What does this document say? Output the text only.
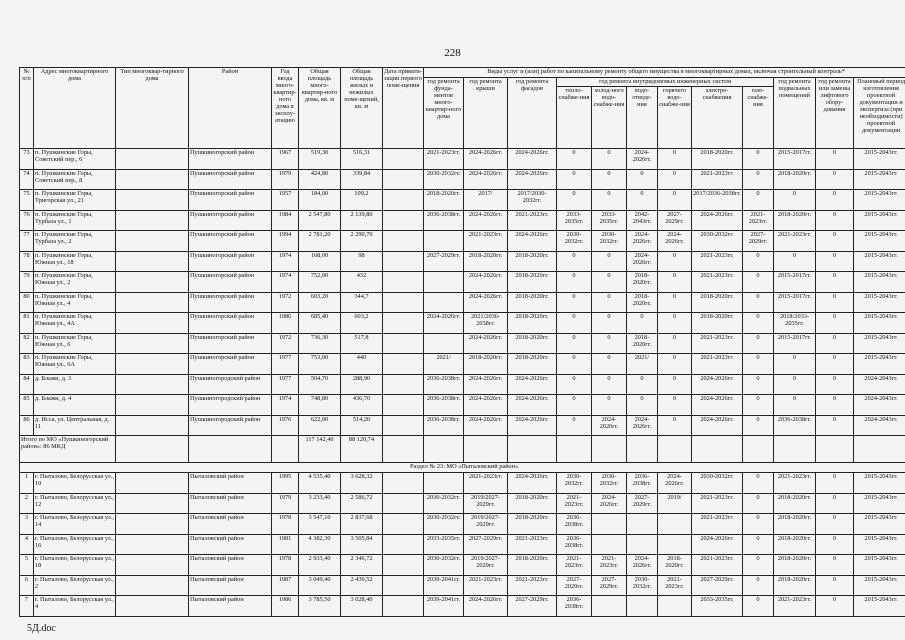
228
№ п/п	Адрес многоквартирного дома	Тип многоквар-тирного дома	Район	Год ввода много-квартир-ного дома в эксплу-атацию	Общая площадь много-квартир-ного дома, кв. м	Общая площадь жилых и нежилых поме-щений, кв. м	Дата привати-зации первого поме-щения	Виды услуг и (или) работ по капитальному ремонту общего имущества в многоквартирных домах, включая строительный контроль*											
								год ремонта фунда-ментов много-квартир-ного дома	год ремонта крыши	год ремонта фасадов	год ремонта внутридомовых инженерных систем						год ремонта подвальных помещений	год ремонта или замены лифтового обору-дования	Плановый период изготовления проектной документации и экспертиза (при необходимости) проектной документации
											тепло-снабже-ния	холод-ного водо-снабже-ния	водо-отведе-ния	горячего водо-снабже-ния	электро-снабжения	газо-снабже-ния			
73	п. Пушкинские Горы, Советский пер., 6		Пушкиногорский район	1967	519,30	516,31		2021-2023гг.	2024-2026гг.	2024-2026гг.	0	0	2024-2026гг.	0	2018-2020гг.	0	2015-2017гг.	0	2015-2043гг.
74	п. Пушкинские Горы, Советский пер., 8		Пушкиногорский район	1979	424,80	339,84		2030-2032гг.	2024-2026гг.	2024-2026гг.	0	0	0	0	2021-2023гг.	0	2018-2020гг.	0	2015-2043гг.
75	п. Пушкинские Горы, Тригорская ул., 21		Пушкиногорский район	1957	184,00	109,2		2018-2020гг.	2017/	2017/2030-2032гг.	0	0	0	0	2017/2036-2038гг.	0	0	0	2015-2043гг.
76	п. Пушкинские Горы, Турбаза ул., 1		Пушкиногорский район	1984	2 547,80	2 139,80		2036-2038гг.	2024-2026гг.	2021-2023гг.	2033-2035гг.	2033-2035гг.	2042-2043гг.	2027-2029гг.	2024-2026гг.	2021-2023гг.	2018-2020гг.	0	2015-2043гг.
77	п. Пушкинские Горы, Турбаза ул., 2		Пушкиногорский район	1994	2 781,20	2 290,70			2021-2023гг.	2024-2026гг.	2030-2032гг.	2030-2032гг.	2024-2026гг.	2024-2026гг.	2030-2032гг.	2027-2029гг.	2021-2023гг.	0	2015-2043гг.
78	п. Пушкинские Горы, Южная ул., 18		Пушкиногорский район	1974	168,00	98		2027-2029гг.	2018-2020гг.	2018-2020гг.	0	0	2024-2026гг.	0	2021-2023гг.	0	0	0	2015-2043гг.
79	п. Пушкинские Горы, Южная ул., 2		Пушкиногорский район	1974	752,00	432			2024-2026гг.	2018-2020гг.	0	0	2018-2020гг.	0	2021-2023гг.	0	2015-2017гг.	0	2015-2043гг.
80	п. Пушкинские Горы, Южная ул., 4		Пушкиногорский район	1972	603,20	344,7			2024-2026гг.	2018-2020гг.	0	0	2018-2020гг.	0	2018-2020гг.	0	2015-2017гг.	0	2015-2043гг.
81	п. Пушкинские Горы, Южная ул., 4А		Пушкиногорский район	1986	685,40	603,2		2024-2026гг.	2021/2036-2038гг.	2018-2020гг.	0	0	0	0	2018-2020гг.	0	2018/2033-2035гг.	0	2015-2043гг.
82	п. Пушкинские Горы, Южная ул., 6		Пушкиногорский район	1972	736,30	517,8			2024-2026гг.	2018-2020гг.	0	0	2018-2020гг.	0	2021-2023гг.	0	2015-2017гг.	0	2015-2043гг.
83	п. Пушкинские Горы, Южная ул., 6А		Пушкиногорский район	1977	753,00	440		2021/	2018-2020гг.	2018-2020гг.	0	0	2021/	0	2021-2023гг.	0	0	0	2015-2043гг.
84	д. Блажи, д. 3		Пушкиногородский район	1977	504,70	288,90		2036-2038гг.	2024-2026гг.	2024-2026гг.	0	0	0	0	2024-2026гг.	0	0	0	2024-2043гг.
85	д. Блажи, д. 4		Пушкиногородский район	1974	748,80	436,70		2036-2038гг.	2024-2026гг.	2024-2026гг.	0	0	0	0	2024-2026гг.	0	0	0	2024-2043гг.
86	д. Исса, ул. Центральная, д. 11		Пушкиногородский район	1976	622,00	514,20		2036-2038гг.	2024-2026гг.	2024-2026гг.	0	2024-2026гг.	2024-2026гг.	0	2024-2026гг.	0	2036-2038гг.	0	2024-2043гг.
Итого по МО «Пушкиногорский район»: 86 МКД					117 142,40	88 120,74													
Раздел № 23: МО «Пыталовский район»																			
1	г. Пыталово, Белорусская ул., 10		Пыталовский район	1995	4 535,40	3 628,32			2021-2023гг.	2024-2026гг.	2030-2032гг.	2030-2032гг.	2036-2038гг.	2024-2026гг.	2030-2032гг.	0	2021-2023гг.	0	2015-2043гг.
2	г. Пыталово, Белорусская ул., 12		Пыталовский район	1979	3 233,40	2 586,72		2030-2032гг.	2019/2027-2029гг.	2018-2020гг.	2021-2023гг.	2024-2026гг.	2027-2029гг.	2019/	2021-2023гг.	0	2018-2020гг.	0	2015-2043гг.
3	г. Пыталово, Белорусская ул., 14		Пыталовский район	1978	3 547,10	2 837,68		2030-2032гг.	2019/2027-2029гг.	2018-2020гг.	2036-2038гг.				2021-2023гг.	0	2018-2020гг.	0	2015-2043гг.
4	г. Пыталово, Белорусская ул., 16		Пыталовский район	1981	4 382,30	3 505,84		2033-2035гг.	2027-2029гг.	2021-2023гг.	2036-2038гг.				2024-2026гг.	0	2018-2020гг.	0	2015-2043гг.
5	г. Пыталово, Белорусская ул., 18		Пыталовский район	1978	2 933,40	2 346,72		2030-2032гг.	2019/2027-2029гг.	2018-2020гг.	2021-2023гг.	2021-2023гг.	2024-2026гг.	2018-2020гг.	2021-2023гг.	0	2018-2020гг.	0	2015-2043гг.
6	г. Пыталово, Белорусская ул., 2		Пыталовский район	1987	3 049,40	2 439,52		2039-2041гг.	2021-2023гг.	2021-2023гг.	2027-2029гг.	2027-2029гг.	2030-2032гг.	2021-2023гг.	2027-2029гг.	0	2018-2020гг.	0	2015-2043гг.
7	г. Пыталово, Белорусская ул., 4		Пыталовский район	1986	3 785,50	3 028,40		2039-2041гг.	2024-2026гг.	2027-2029гг.	2036-2038гг.				2033-2035гг.	0	2021-2023гг.	0	2015-2043гг.
5Д.doc
